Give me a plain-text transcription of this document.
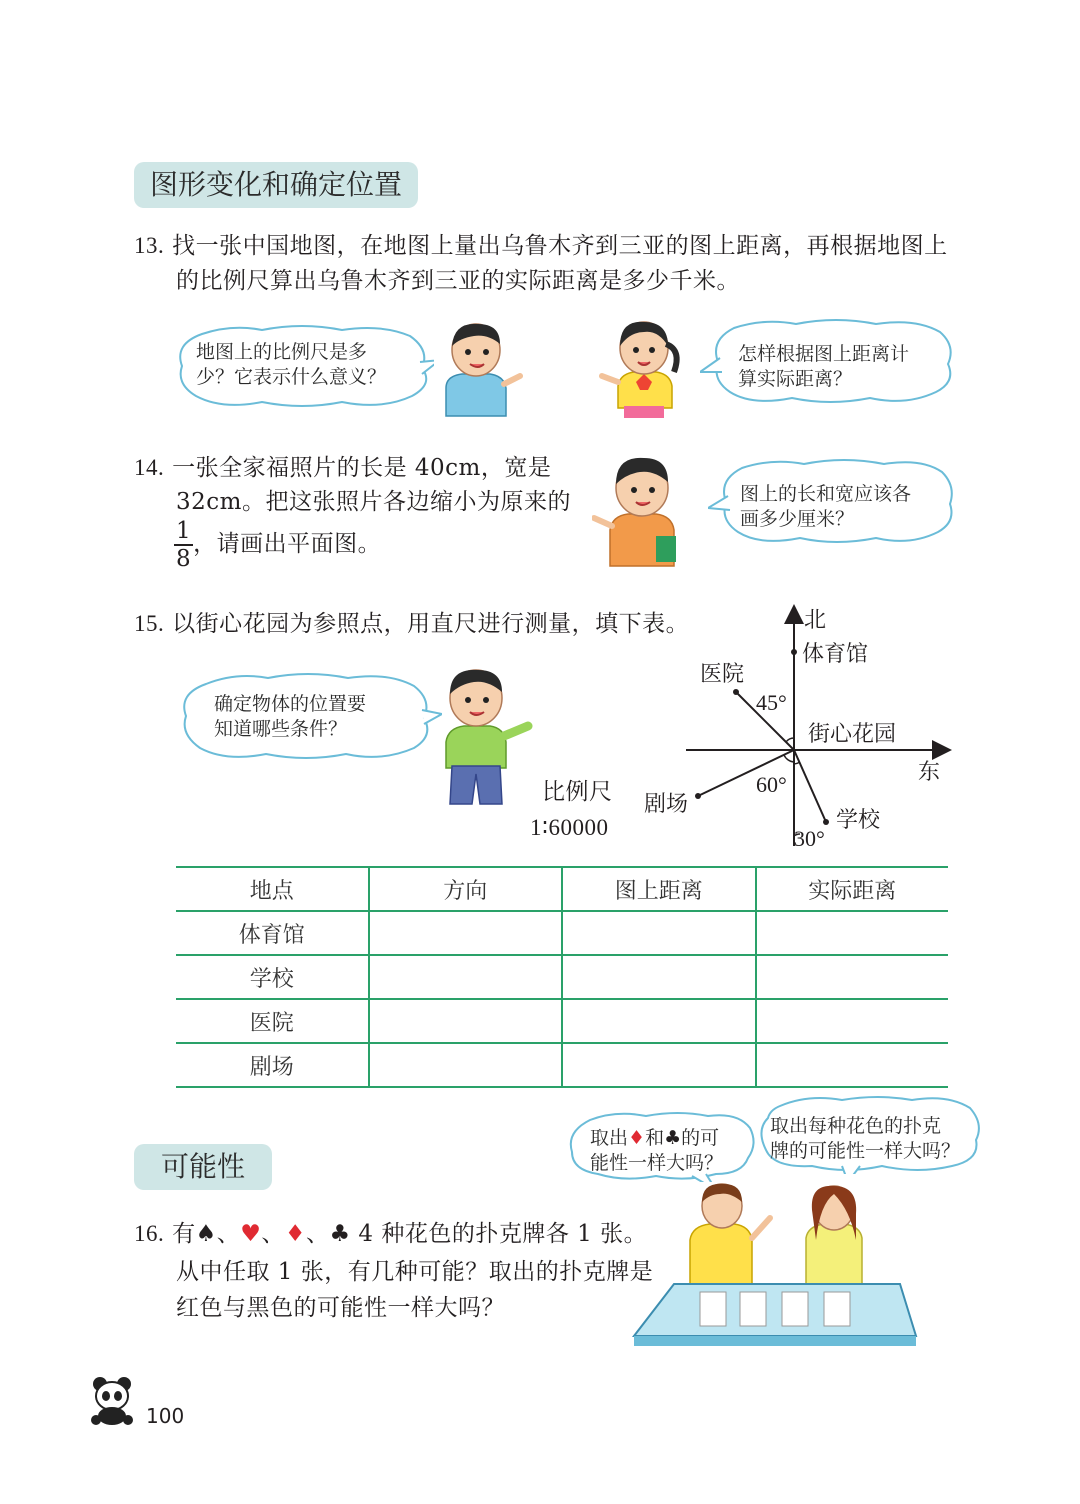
图形变化和确定位置
13. 找一张中国地图，在地图上量出乌鲁木齐到三亚的图上距离，再根据地图上
的比例尺算出乌鲁木齐到三亚的实际距离是多少千米。
地图上的比例尺是多
少？它表示什么意义？
怎样根据图上距离计
算实际距离？
14. 一张全家福照片的长是 40cm，宽是
32cm。把这张照片各边缩小为原来的
$\frac{1}{8}$ ，请画出平面图。
图上的长和宽应该各
画多少厘米？
15. 以街心花园为参照点，用直尺进行测量，填下表。
确定物体的位置要
知道哪些条件？
比例尺
1∶60000
北
体育馆
医院
45°
街心花园
东
60°
剧场
学校
30°
地点	方向	图上距离	实际距离
体育馆			
学校			
医院			
剧场			
可能性
取出♦和♣的可
能性一样大吗？
取出每种花色的扑克
牌的可能性一样大吗？
16. 有♠、♥、♦、♣ 4 种花色的扑克牌各 1 张。
从中任取 1 张，有几种可能？取出的扑克牌是
红色与黑色的可能性一样大吗？
100
